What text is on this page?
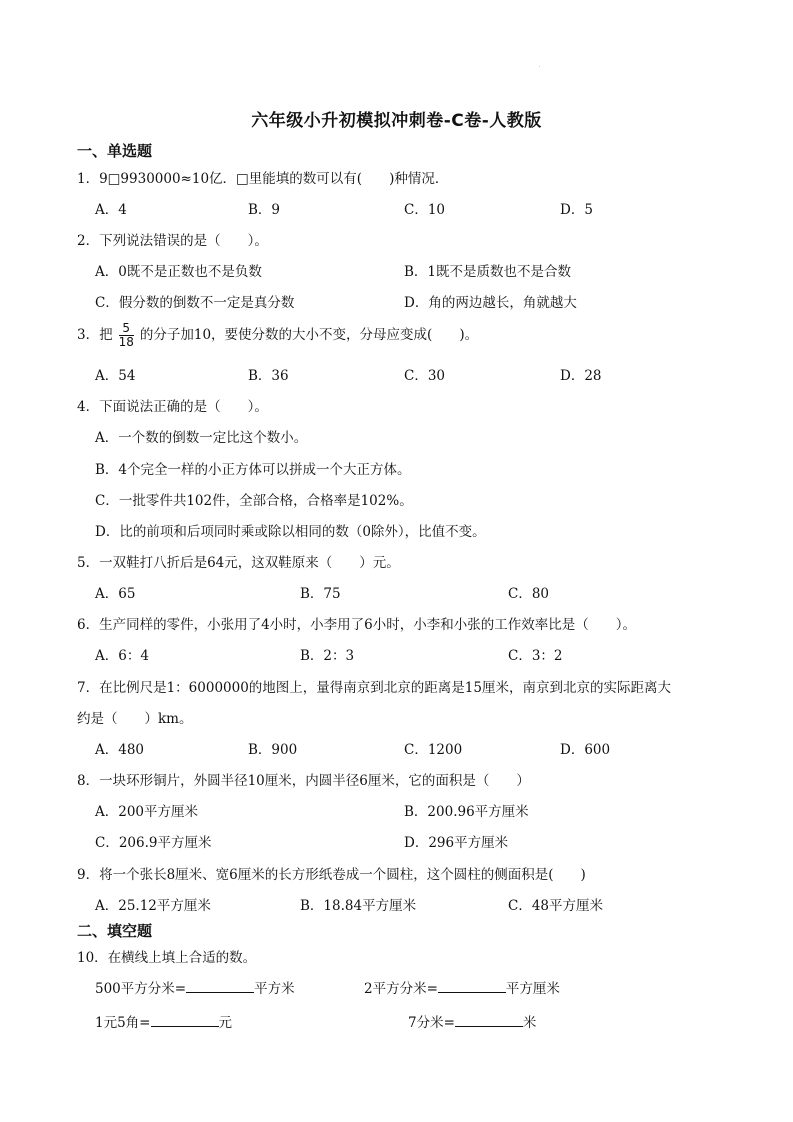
六年级小升初模拟冲刺卷-C卷-人教版
一、单选题
1．9□9930000≈10亿．□里能填的数可以有(　　)种情况．
A．4	B．9	C．10	D．5
2．下列说法错误的是（　　）。
A．0既不是正数也不是负数	B．1既不是质数也不是合数
C．假分数的倒数不一定是真分数	D．角的两边越长，角就越大
3．把 $\frac{5}{18}$ 的分子加10，要使分数的大小不变，分母应变成(　　)。
A．54	B．36	C．30	D．28
4．下面说法正确的是（　　）。
A．一个数的倒数一定比这个数小。
B．4个完全一样的小正方体可以拼成一个大正方体。
C．一批零件共102件，全部合格，合格率是102%。
D．比的前项和后项同时乘或除以相同的数（0除外），比值不变。
5．一双鞋打八折后是64元，这双鞋原来（　　）元。
A．65	B．75	C．80
6．生产同样的零件，小张用了4小时，小李用了6小时，小李和小张的工作效率比是（　　）。
A．6：4	B．2：3	C．3：2
7．在比例尺是1：6000000的地图上，量得南京到北京的距离是15厘米，南京到北京的实际距离大
约是（　　）km。
A．480	B．900	C．1200	D．600
8．一块环形铜片，外圆半径10厘米，内圆半径6厘米，它的面积是（　　）
A．200平方厘米	B．200.96平方厘米
C．206.9平方厘米	D．296平方厘米
9．将一个张长8厘米、宽6厘米的长方形纸卷成一个圆柱，这个圆柱的侧面积是(　　)
A．25.12平方厘米	B．18.84平方厘米	C．48平方厘米
二、填空题
10．在横线上填上合适的数。
500平方分米=	平方米	2平方分米=	平方厘米
1元5角=	元	7分米=	米
